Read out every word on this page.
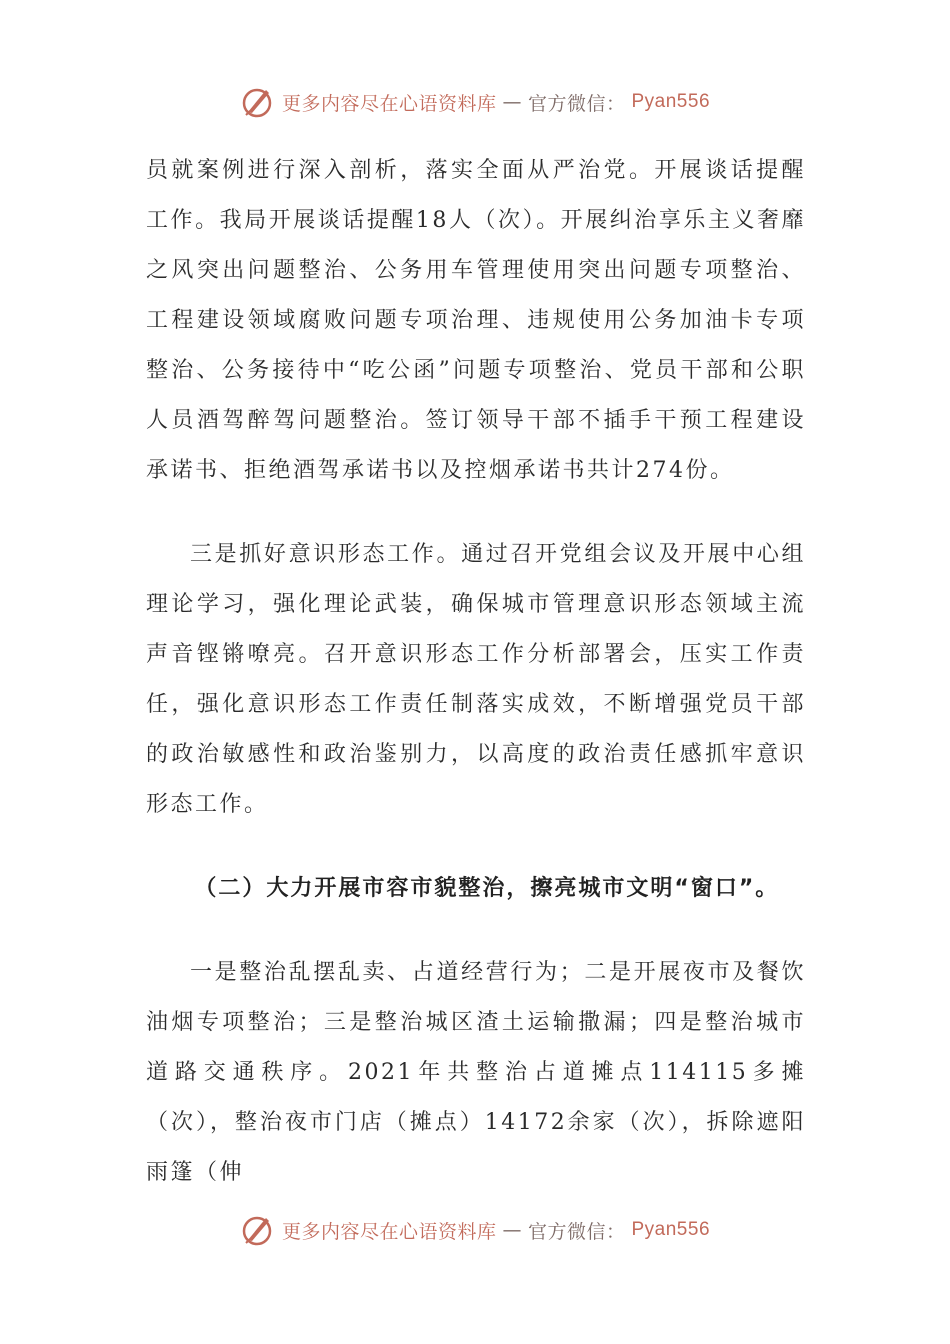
更多内容尽在心语资料库 — 官方微信： Pyan556

员就案例进行深入剖析，落实全面从严治党。开展谈话提醒工作。我局开展谈话提醒18人（次）。开展纠治享乐主义奢靡之风突出问题整治、公务用车管理使用突出问题专项整治、工程建设领域腐败问题专项治理、违规使用公务加油卡专项整治、公务接待中“吃公函”问题专项整治、党员干部和公职人员酒驾醉驾问题整治。签订领导干部不插手干预工程建设承诺书、拒绝酒驾承诺书以及控烟承诺书共计274份。

三是抓好意识形态工作。通过召开党组会议及开展中心组理论学习，强化理论武装，确保城市管理意识形态领域主流声音铿锵嘹亮。召开意识形态工作分析部署会，压实工作责任，强化意识形态工作责任制落实成效，不断增强党员干部的政治敏感性和政治鉴别力，以高度的政治责任感抓牢意识形态工作。

（二）大力开展市容市貌整治，擦亮城市文明“窗口”。

一是整治乱摆乱卖、占道经营行为；二是开展夜市及餐饮油烟专项整治；三是整治城区渣土运输撒漏；四是整治城市道路交通秩序。2021年共整治占道摊点114115多摊（次），整治夜市门店（摊点）14172余家（次），拆除遮阳雨篷（伸

更多内容尽在心语资料库 — 官方微信： Pyan556
